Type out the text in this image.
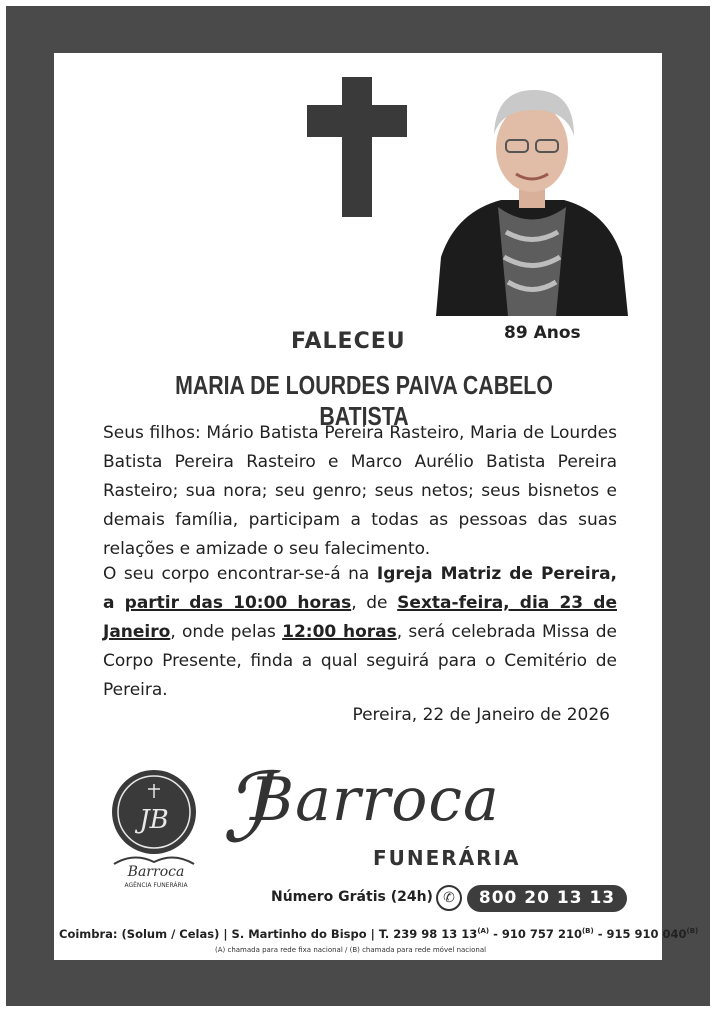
89 Anos
FALECEU
MARIA DE LOURDES PAIVA CABELO BATISTA
Seus filhos: Mário Batista Pereira Rasteiro, Maria de Lourdes Batista Pereira Rasteiro e Marco Aurélio Batista Pereira Rasteiro; sua nora; seu genro; seus netos; seus bisnetos e demais família, participam a todas as pessoas das suas relações e amizade o seu falecimento.
O seu corpo encontrar-se-á na Igreja Matriz de Pereira, a partir das 10:00 horas, de Sexta-feira, dia 23 de Janeiro, onde pelas 12:00 horas, será celebrada Missa de Corpo Presente, finda a qual seguirá para o Cemitério de Pereira.
Pereira, 22 de Janeiro de 2026
JB
Barroca
AGÊNCIA FUNERÁRIA
ℐ
Barroca
FUNERÁRIA
Número Grátis (24h) ✆	800 20 13 13
Coimbra: (Solum / Celas) | S. Martinho do Bispo | T. 239 98 13 $13^{(A)} - 910$ 757 $210^{(B)} - 915$ 910 $040^{(B)}$
(A) chamada para rede fixa nacional / (B) chamada para rede móvel nacional
